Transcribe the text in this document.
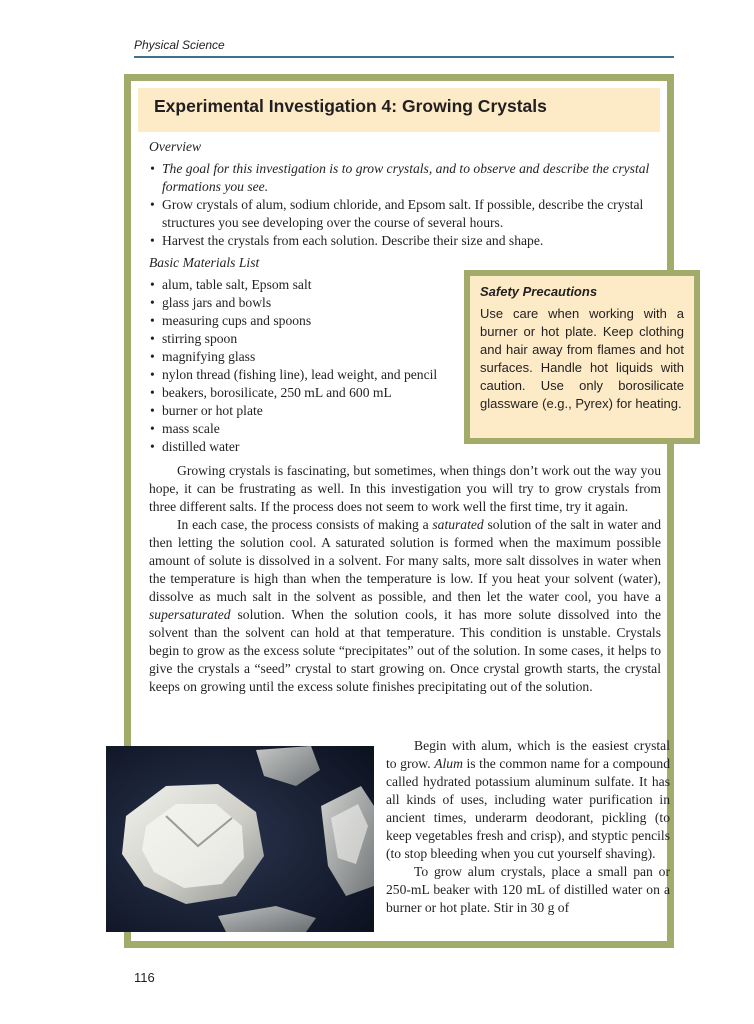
Physical Science
Experimental Investigation 4: Growing Crystals

Overview

• The goal for this investigation is to grow crystals, and to observe and describe the crystal formations you see.
• Grow crystals of alum, sodium chloride, and Epsom salt. If possible, describe the crystal structures you see developing over the course of several hours.
• Harvest the crystals from each solution. Describe their size and shape.

Basic Materials List

• alum, table salt, Epsom salt
• glass jars and bowls
• measuring cups and spoons
• stirring spoon
• magnifying glass
• nylon thread (fishing line), lead weight, and pencil
• beakers, borosilicate, 250 mL and 600 mL
• burner or hot plate
• mass scale
• distilled water

Growing crystals is fascinating, but sometimes, when things don’t work out the way you hope, it can be frustrating as well. In this investigation you will try to grow crystals from three different salts. If the process does not seem to work well the first time, try it again.

In each case, the process consists of making a saturated solution of the salt in water and then letting the solution cool. A saturated solution is formed when the maximum possible amount of solute is dissolved in a solvent. For many salts, more salt dissolves in water when the temperature is high than when the temperature is low. If you heat your solvent (water), dissolve as much salt in the solvent as possible, and then let the water cool, you have a supersaturated solution. When the solution cools, it has more solute dissolved into the solvent than the solvent can hold at that temperature. This condition is unstable. Crystals begin to grow as the excess solute “precipitates” out of the solution. In some cases, it helps to give the crystals a “seed” crystal to start growing on. Once crystal growth starts, the crystal keeps on growing until the excess solute finishes precipitating out of the solution.

Safety Precautions
Use care when working with a burner or hot plate. Keep clothing and hair away from flames and hot surfaces. Handle hot liquids with caution. Use only borosilicate glassware (e.g., Pyrex) for heating.

Begin with alum, which is the easiest crystal to grow. Alum is the common name for a compound called hydrated potassium aluminum sulfate. It has all kinds of uses, including water purification in ancient times, underarm deodorant, pickling (to keep vegetables fresh and crisp), and styptic pencils (to stop bleeding when you cut yourself shaving).

To grow alum crystals, place a small pan or 250-mL beaker with 120 mL of distilled water on a burner or hot plate. Stir in 30 g of

116
